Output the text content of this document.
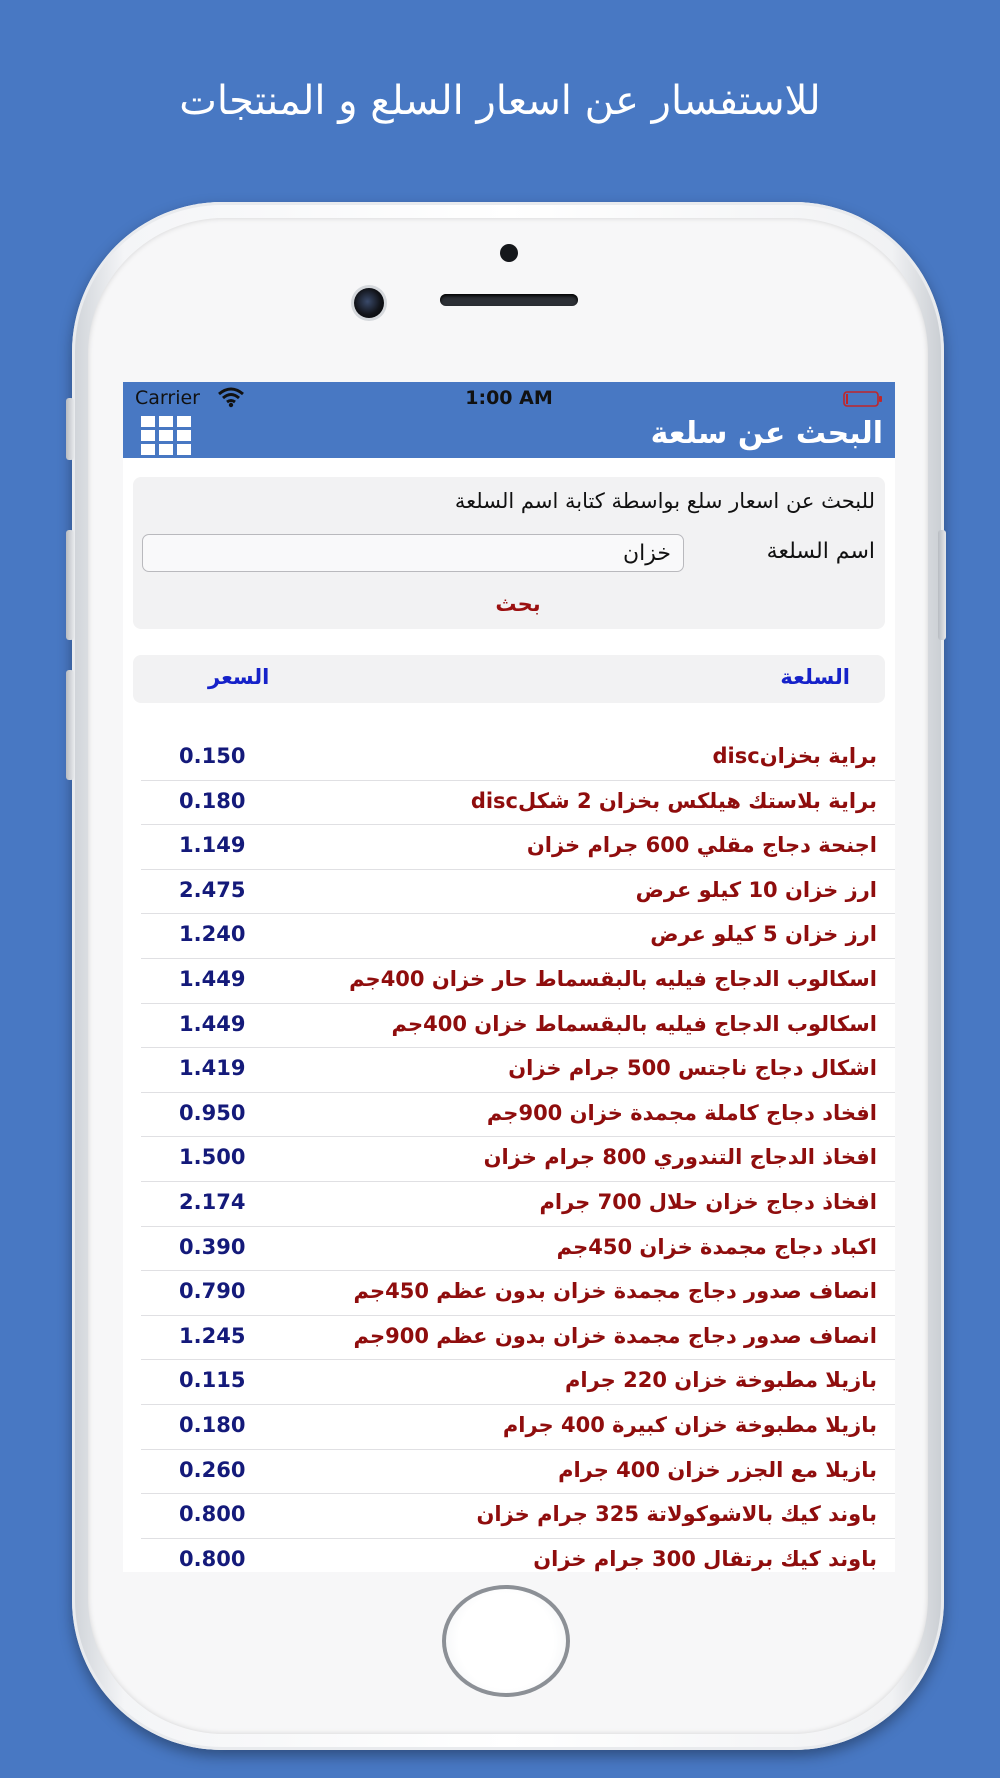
للاستفسار عن اسعار السلع و المنتجات
Carrier	1:00 AM
البحث عن سلعة
للبحث عن اسعار سلع بواسطة كتابة اسم السلعة
اسم السلعة
خزان
بحث
السلعة
السعر
براية بخزانdisc
0.150
براية بلاستك هيلكس بخزان 2 شكلdisc
0.180
اجنحة دجاج مقلي 600 جرام خزان
1.149
ارز خزان 10 كيلو عرض
2.475
ارز خزان 5 كيلو عرض
1.240
اسكالوب الدجاج فيليه بالبقسماط حار خزان 400جم
1.449
اسكالوب الدجاج فيليه بالبقسماط خزان 400جم
1.449
اشكال دجاج ناجتس 500 جرام خزان
1.419
افخاد دجاج كاملة مجمدة خزان 900جم
0.950
افخاذ الدجاج التندوري 800 جرام خزان
1.500
افخاذ دجاج خزان حلال 700 جرام
2.174
اكباد دجاج مجمدة خزان 450جم
0.390
انصاف صدور دجاج مجمدة خزان بدون عظم 450جم
0.790
انصاف صدور دجاج مجمدة خزان بدون عظم 900جم
1.245
بازيلا مطبوخة خزان 220 جرام
0.115
بازيلا مطبوخة خزان كبيرة 400 جرام
0.180
بازيلا مع الجزر خزان 400 جرام
0.260
باوند كيك بالاشوكولاتة 325 جرام خزان
0.800
باوند كيك برتقال 300 جرام خزان
0.800
